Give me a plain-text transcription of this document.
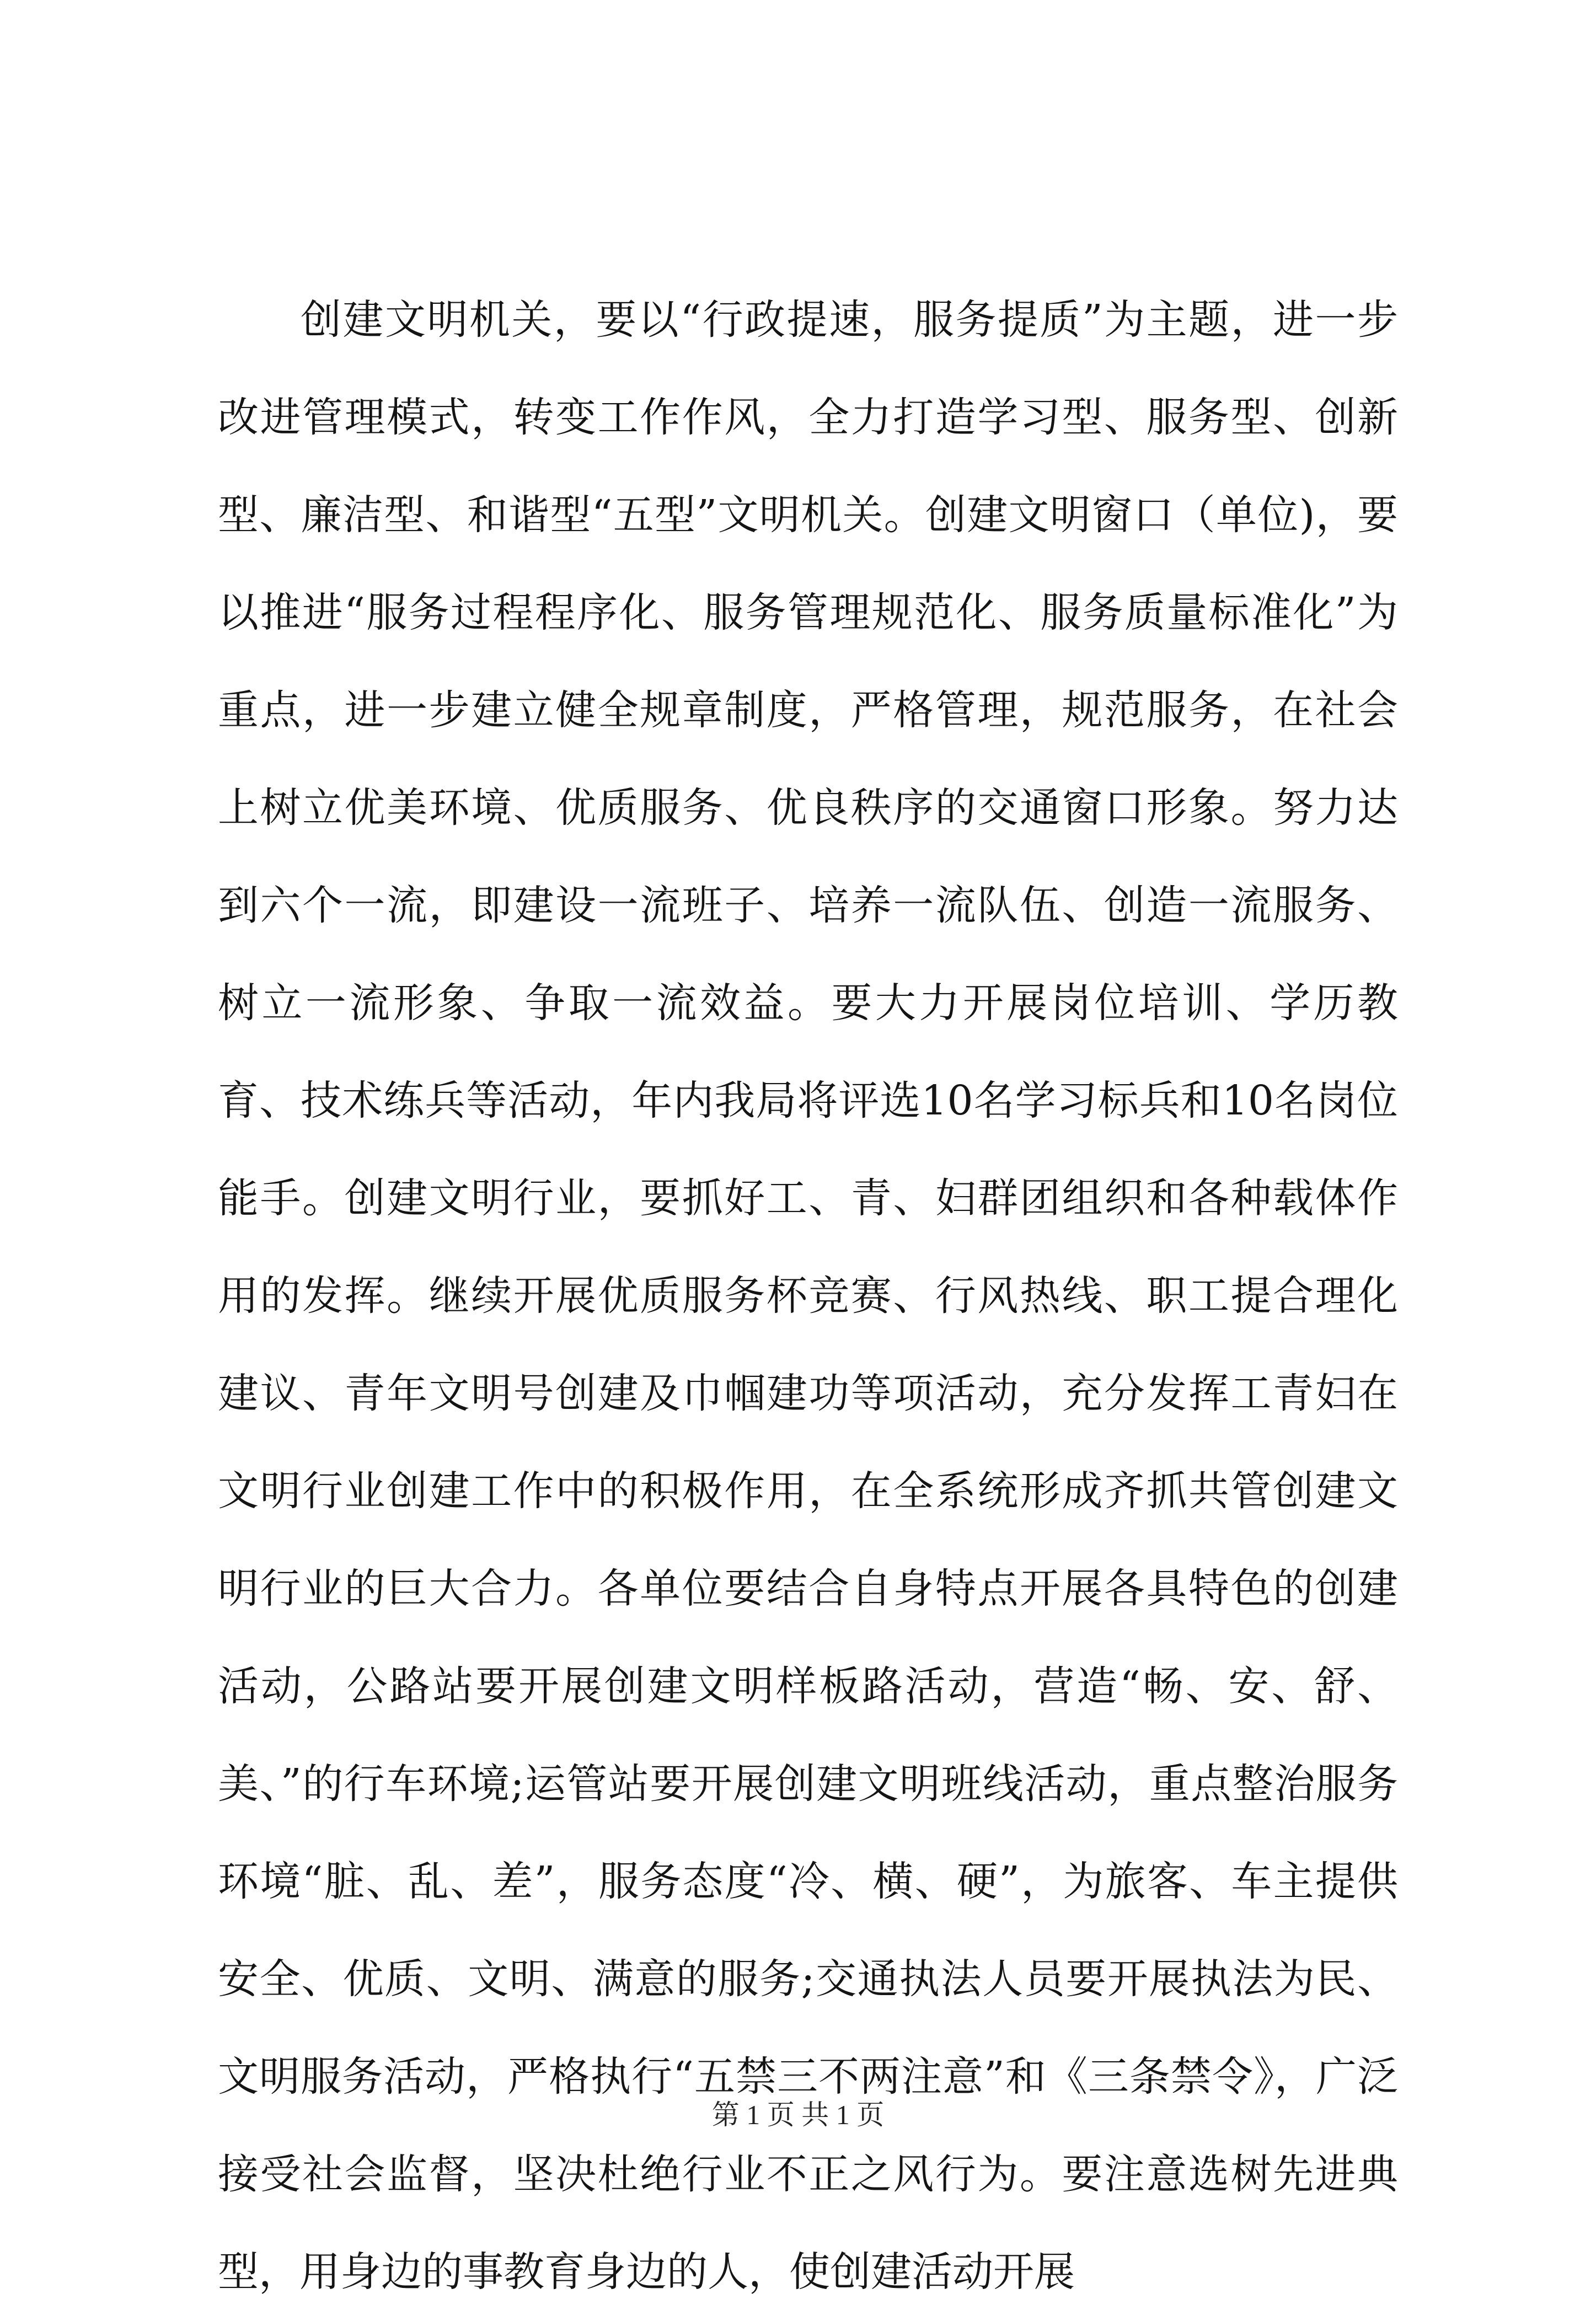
创建文明机关，要以“行政提速，服务提质”为主题，进一步改进管理模式，转变工作作风，全力打造学习型、服务型、创新型、廉洁型、和谐型“五型”文明机关。创建文明窗口（单位)，要以推进“服务过程程序化、服务管理规范化、服务质量标准化”为重点，进一步建立健全规章制度，严格管理，规范服务，在社会上树立优美环境、优质服务、优良秩序的交通窗口形象。努力达到六个一流，即建设一流班子、培养一流队伍、创造一流服务、树立一流形象、争取一流效益。要大力开展岗位培训、学历教育、技术练兵等活动，年内我局将评选10名学习标兵和10名岗位能手。创建文明行业，要抓好工、青、妇群团组织和各种载体作用的发挥。继续开展优质服务杯竞赛、行风热线、职工提合理化建议、青年文明号创建及巾帼建功等项活动，充分发挥工青妇在文明行业创建工作中的积极作用，在全系统形成齐抓共管创建文明行业的巨大合力。各单位要结合自身特点开展各具特色的创建活动，公路站要开展创建文明样板路活动，营造“畅、安、舒、美、”的行车环境;运管站要开展创建文明班线活动，重点整治服务环境“脏、乱、差”，服务态度“冷、横、硬”，为旅客、车主提供安全、优质、文明、满意的服务;交通执法人员要开展执法为民、文明服务活动，严格执行“五禁三不两注意”和《三条禁令》，广泛接受社会监督，坚决杜绝行业不正之风行为。要注意选树先进典型，用身边的事教育身边的人，使创建活动开展

第 1 页 共 1 页
